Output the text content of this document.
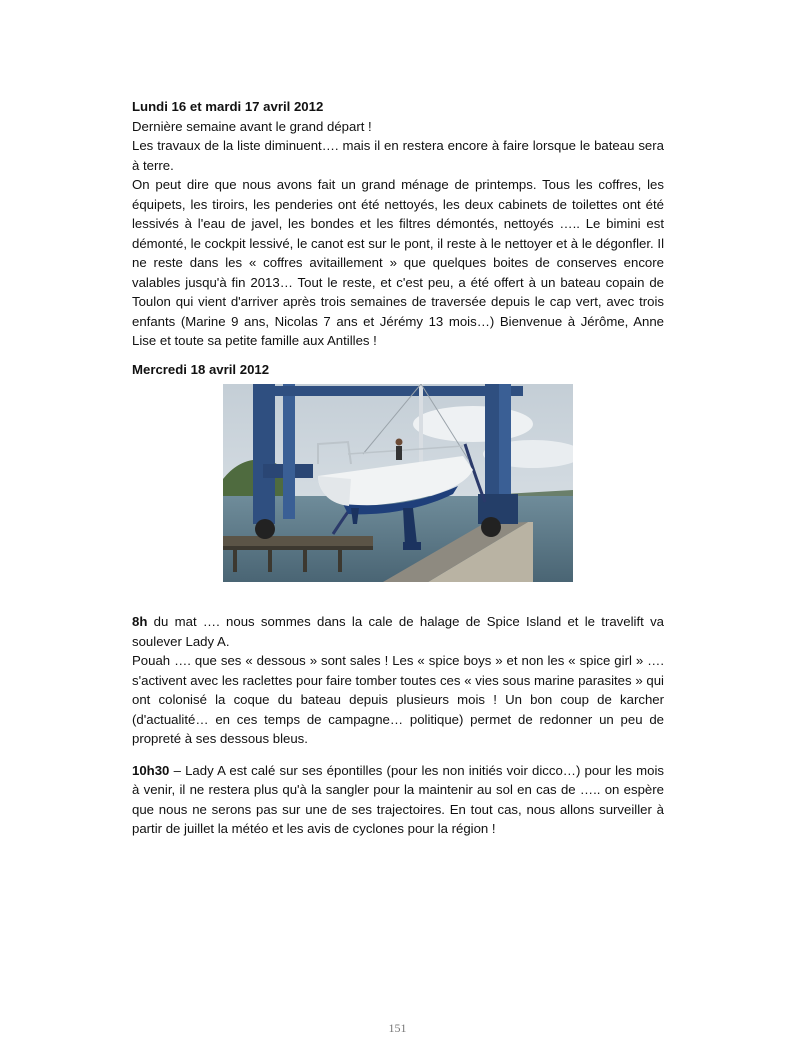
Lundi 16 et mardi 17 avril 2012

Dernière semaine avant le grand départ !

Les travaux de la liste diminuent…. mais il en restera encore à faire lorsque le bateau sera à terre.

On peut dire que nous avons fait un grand ménage de printemps. Tous les coffres, les équipets, les tiroirs, les penderies ont été nettoyés, les deux cabinets de toilettes ont été lessivés à l'eau de javel, les bondes et les filtres démontés, nettoyés ….. Le bimini est démonté, le cockpit lessivé, le canot est sur le pont, il reste à le nettoyer et à le dégonfler. Il ne reste dans les « coffres avitaillement » que quelques boites de conserves encore valables jusqu'à fin 2013… Tout le reste, et c'est peu, a été offert à un bateau copain de Toulon qui vient d'arriver après trois semaines de traversée depuis le cap vert, avec trois enfants (Marine 9 ans, Nicolas 7 ans et Jérémy 13 mois…) Bienvenue à Jérôme, Anne Lise et toute sa petite famille aux Antilles !

Mercredi 18 avril 2012

8h du mat …. nous sommes dans la cale de halage de Spice Island et le travelift va soulever Lady A.

Pouah …. que ses « dessous » sont sales ! Les « spice boys » et non les « spice girl » …. s'activent avec les raclettes pour faire tomber toutes ces « vies sous marine parasites » qui ont colonisé la coque du bateau depuis plusieurs mois ! Un bon coup de karcher (d'actualité… en ces temps de campagne… politique) permet de redonner un peu de propreté à ses dessous bleus.

10h30 – Lady A est calé sur ses épontilles (pour les non initiés voir dicco…) pour les mois à venir, il ne restera plus qu'à la sangler pour la maintenir au sol en cas de ….. on espère que nous ne serons pas sur une de ses trajectoires. En tout cas, nous allons surveiller à partir de juillet la météo et les avis de cyclones pour la région !

151
